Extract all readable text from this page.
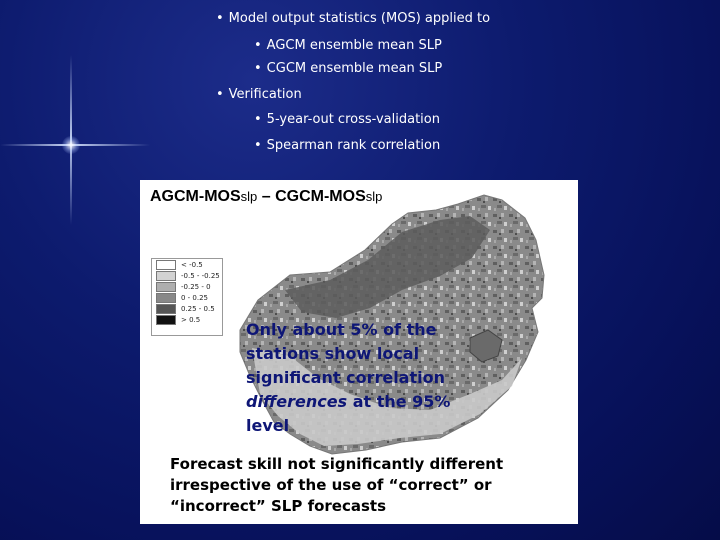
• Model output statistics (MOS) applied to
• AGCM ensemble mean SLP
• CGCM ensemble mean SLP
• Verification
• 5-year-out cross-validation
• Spearman rank correlation
AGCM-MOSslp – CGCM-MOSslp
< -0.5
-0.5 - -0.25
-0.25 - 0
0 - 0.25
0.25 - 0.5
> 0.5	Only about 5% of the stations show local significant correlation differences at the 95% level
Forecast skill not significantly different irrespective of the use of “correct” or “incorrect” SLP forecasts
